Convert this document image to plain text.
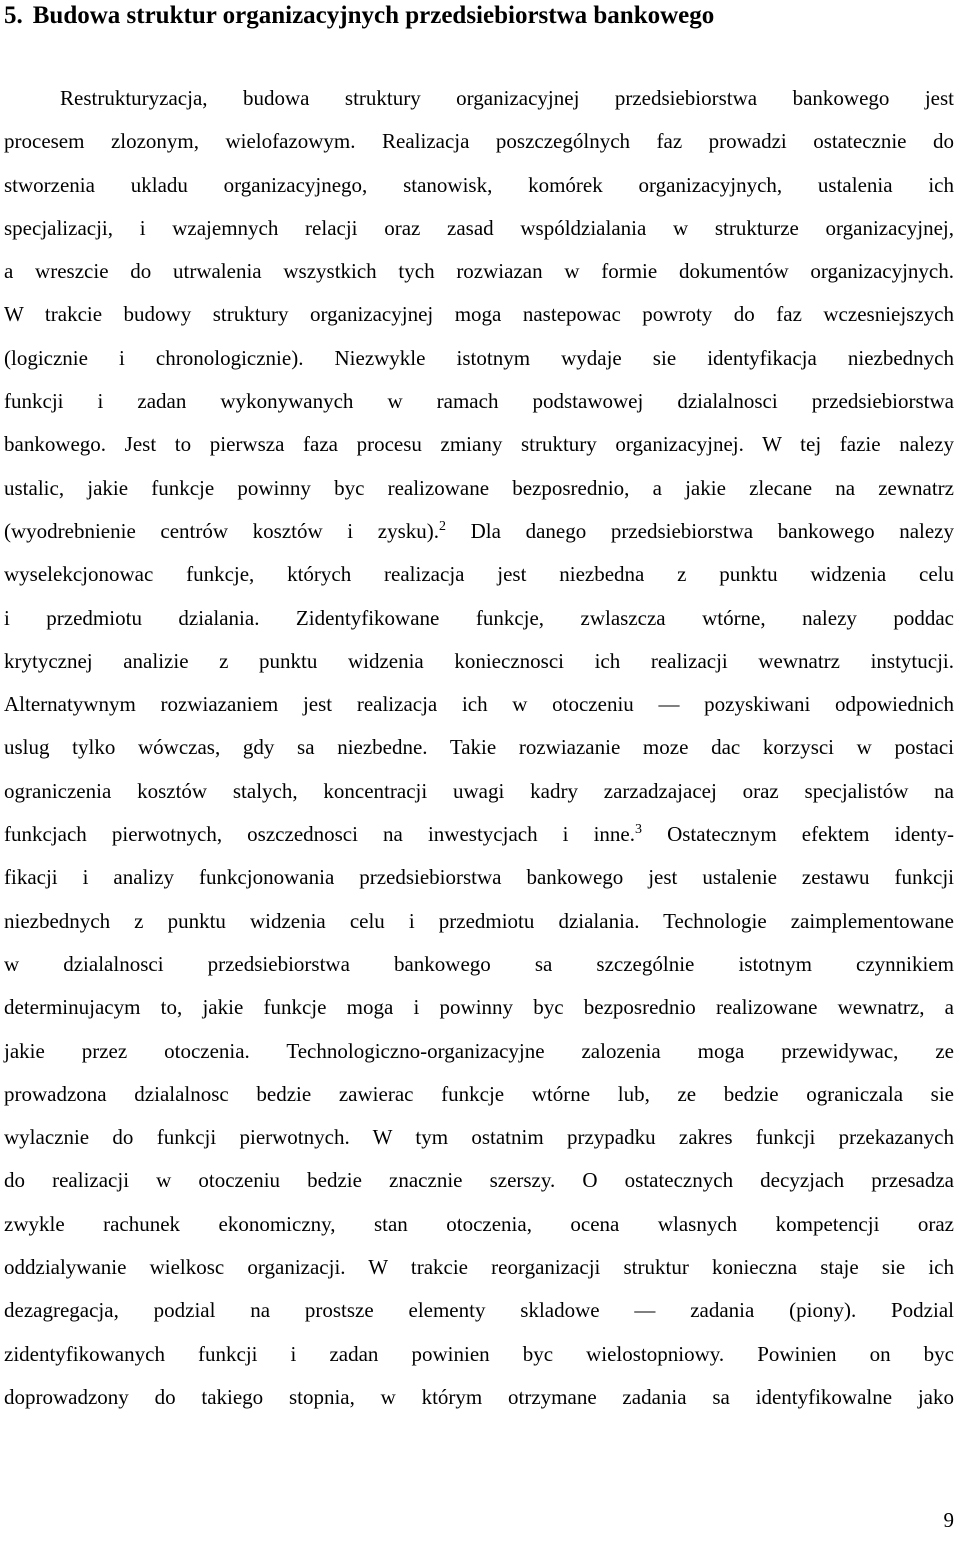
5. Budowa struktur organizacyjnych przedsiebiorstwa bankowego
Restrukturyzacja, budowa struktury organizacyjnej przedsiebiorstwa bankowego jest
procesem zlozonym, wielofazowym. Realizacja poszczególnych faz prowadzi ostatecznie do
stworzenia ukladu organizacyjnego, stanowisk, komórek organizacyjnych, ustalenia ich
specjalizacji, i wzajemnych relacji oraz zasad wspóldzialania w strukturze organizacyjnej,
a wreszcie do utrwalenia wszystkich tych rozwiazan w formie dokumentów organizacyjnych.
W trakcie budowy struktury organizacyjnej moga nastepowac powroty do faz wczesniejszych
(logicznie i chronologicznie). Niezwykle istotnym wydaje sie identyfikacja niezbednych
funkcji i zadan wykonywanych w ramach podstawowej dzialalnosci przedsiebiorstwa
bankowego. Jest to pierwsza faza procesu zmiany struktury organizacyjnej. W tej fazie nalezy
ustalic, jakie funkcje powinny byc realizowane bezposrednio, a jakie zlecane na zewnatrz
(wyodrebnienie centrów kosztów i zysku).$^2$ Dla danego przedsiebiorstwa bankowego nalezy
wyselekcjonowac funkcje, których realizacja jest niezbedna z punktu widzenia celu
i przedmiotu dzialania. Zidentyfikowane funkcje, zwlaszcza wtórne, nalezy poddac
krytycznej analizie z punktu widzenia koniecznosci ich realizacji wewnatrz instytucji.
Alternatywnym rozwiazaniem jest realizacja ich w otoczeniu — pozyskiwani odpowiednich
uslug tylko wówczas, gdy sa niezbedne. Takie rozwiazanie moze dac korzysci w postaci
ograniczenia kosztów stalych, koncentracji uwagi kadry zarzadzajacej oraz specjalistów na
funkcjach pierwotnych, oszczednosci na inwestycjach i inne.$^3$ Ostatecznym efektem identy-
fikacji i analizy funkcjonowania przedsiebiorstwa bankowego jest ustalenie zestawu funkcji
niezbednych z punktu widzenia celu i przedmiotu dzialania. Technologie zaimplementowane
w dzialalnosci przedsiebiorstwa bankowego sa szczególnie istotnym czynnikiem
determinujacym to, jakie funkcje moga i powinny byc bezposrednio realizowane wewnatrz, a
jakie przez otoczenia. Technologiczno-organizacyjne zalozenia moga przewidywac, ze
prowadzona dzialalnosc bedzie zawierac funkcje wtórne lub, ze bedzie ograniczala sie
wylacznie do funkcji pierwotnych. W tym ostatnim przypadku zakres funkcji przekazanych
do realizacji w otoczeniu bedzie znacznie szerszy. O ostatecznych decyzjach przesadza
zwykle rachunek ekonomiczny, stan otoczenia, ocena wlasnych kompetencji oraz
oddzialywanie wielkosc organizacji. W trakcie reorganizacji struktur konieczna staje sie ich
dezagregacja, podzial na prostsze elementy skladowe — zadania (piony). Podzial
zidentyfikowanych funkcji i zadan powinien byc wielostopniowy. Powinien on byc
doprowadzony do takiego stopnia, w którym otrzymane zadania sa identyfikowalne jako
9
